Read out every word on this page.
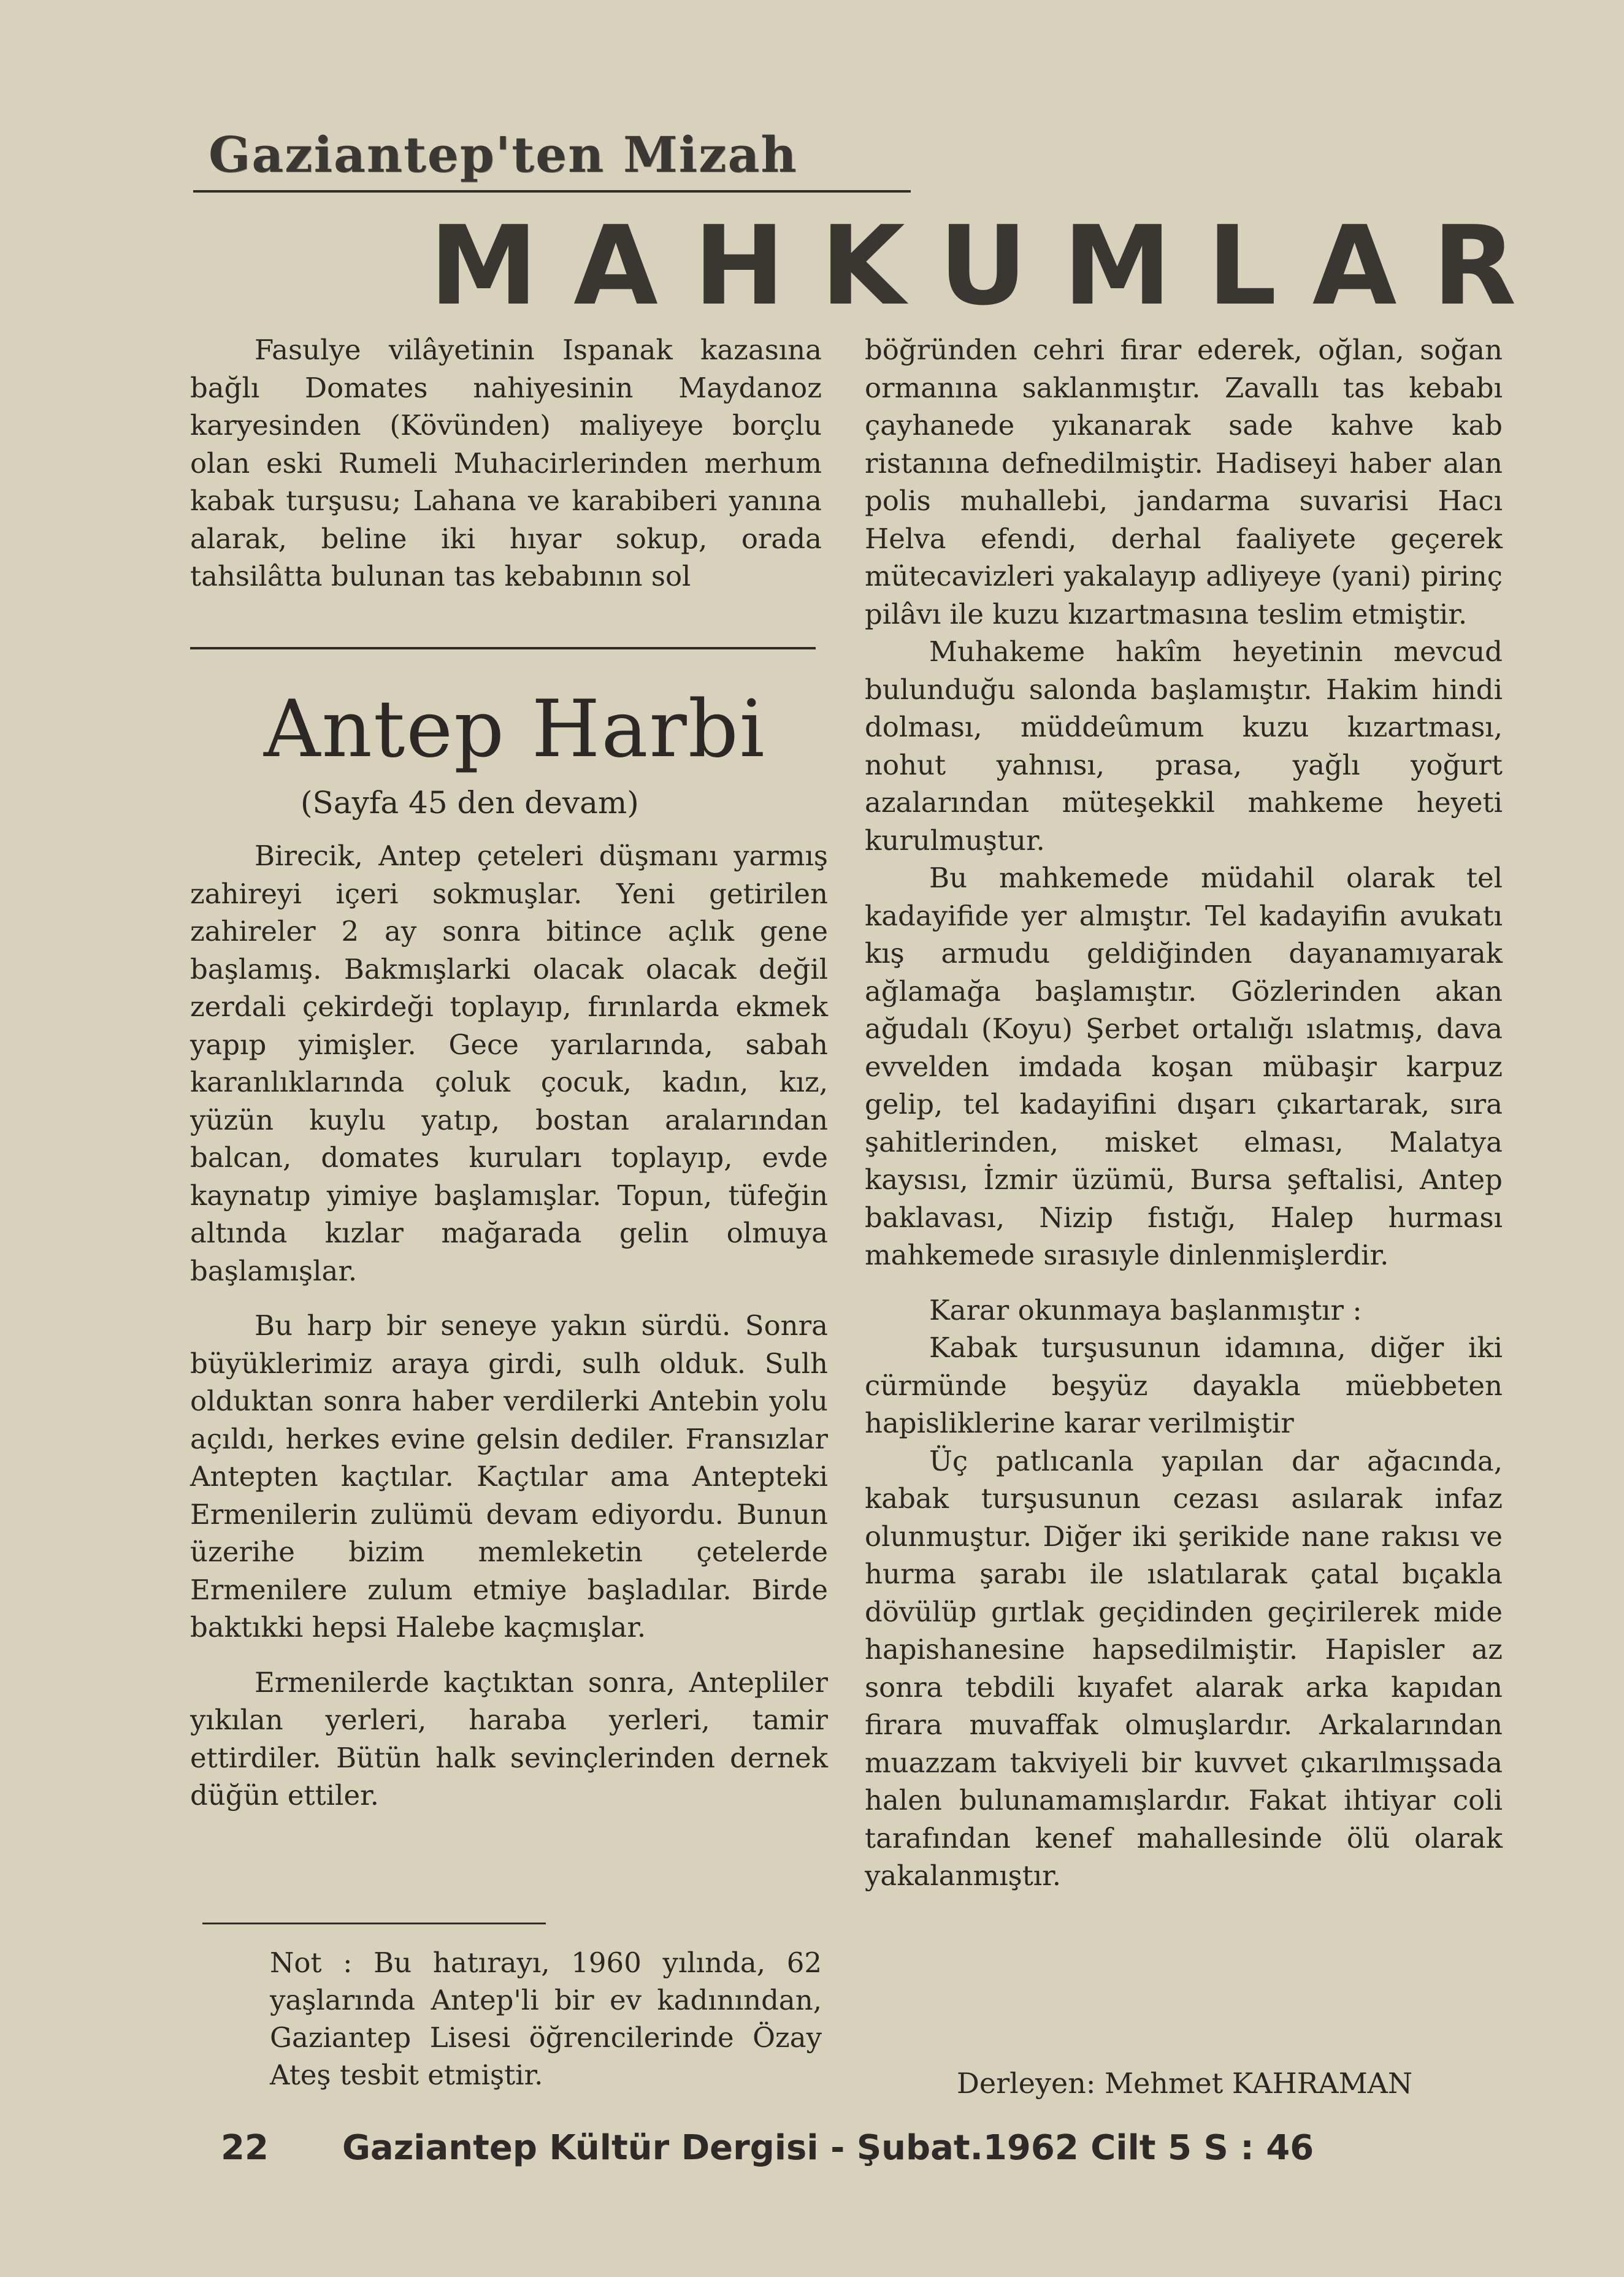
Gaziantep'ten Mizah
MAHKUMLAR

Fasulye vilâyetinin Ispanak kazasına bağlı Domates nahiyesinin Maydanoz karyesinden (Kövünden) maliyeye borçlu olan eski Rumeli Muhacirlerinden merhum kabak turşusu; Lahana ve karabiberi yanına alarak, beline iki hıyar sokup, orada tahsilâtta bulunan tas kebabının sol

Antep Harbi
(Sayfa 45 den devam)

Birecik, Antep çeteleri düşmanı yarmış zahireyi içeri sokmuşlar. Yeni getirilen zahireler 2 ay sonra bitince açlık gene başlamış. Bakmışlarki olacak olacak değil zerdali çekirdeği toplayıp, fırınlarda ekmek yapıp yimişler. Gece yarılarında, sabah karanlıklarında çoluk çocuk, kadın, kız, yüzün kuylu yatıp, bostan aralarından balcan, domates kuruları toplayıp, evde kaynatıp yimiye başlamışlar. Topun, tüfeğin altında kızlar mağarada gelin olmuya başlamışlar.

Bu harp bir seneye yakın sürdü. Sonra büyüklerimiz araya girdi, sulh olduk. Sulh olduktan sonra haber verdilerki Antebin yolu açıldı, herkes evine gelsin dediler. Fransızlar Antepten kaçtılar. Kaçtılar ama Antepteki Ermenilerin zulümü devam ediyordu. Bunun üzerihe bizim memleketin çetelerde Ermenilere zulum etmiye başladılar. Birde baktıkki hepsi Halebe kaçmışlar.

Ermenilerde kaçtıktan sonra, Antepliler yıkılan yerleri, haraba yerleri, tamir ettirdiler. Bütün halk sevinçlerinden dernek düğün ettiler.

Not : Bu hatırayı, 1960 yılında, 62 yaşlarında Antep'li bir ev kadınından, Gaziantep Lisesi öğrencilerinde Özay Ateş tesbit etmiştir.

böğründen cehri firar ederek, oğlan, soğan ormanına saklanmıştır. Zavallı tas kebabı çayhanede yıkanarak sade kahve kab ristanına defnedilmiştir. Hadiseyi haber alan polis muhallebi, jandarma suvarisi Hacı Helva efendi, derhal faaliyete geçerek mütecavizleri yakalayıp adliyeye (yani) pirinç pilâvı ile kuzu kızartmasına teslim etmiştir.

Muhakeme hakîm heyetinin mevcud bulunduğu salonda başlamıştır. Hakim hindi dolması, müddeûmum kuzu kızartması, nohut yahnısı, prasa, yağlı yoğurt azalarından müteşekkil mahkeme heyeti kurulmuştur.

Bu mahkemede müdahil olarak tel kadayifide yer almıştır. Tel kadayifin avukatı kış armudu geldiğinden dayanamıyarak ağlamağa başlamıştır. Gözlerinden akan ağudalı (Koyu) Şerbet ortalığı ıslatmış, dava evvelden imdada koşan mübaşir karpuz gelip, tel kadayifini dışarı çıkartarak, sıra şahitlerinden, misket elması, Malatya kaysısı, İzmir üzümü, Bursa şeftalisi, Antep baklavası, Nizip fıstığı, Halep hurması mahkemede sırasıyle dinlenmişlerdir.

Karar okunmaya başlanmıştır :

Kabak turşusunun idamına, diğer iki cürmünde beşyüz dayakla müebbeten hapisliklerine karar verilmiştir

Üç patlıcanla yapılan dar ağacında, kabak turşusunun cezası asılarak infaz olunmuştur. Diğer iki şerikide nane rakısı ve hurma şarabı ile ıslatılarak çatal bıçakla dövülüp gırtlak geçidinden geçirilerek mide hapishanesine hapsedilmiştir. Hapisler az sonra tebdili kıyafet alarak arka kapıdan firara muvaffak olmuşlardır. Arkalarından muazzam takviyeli bir kuvvet çıkarılmışsada halen bulunamamışlardır. Fakat ihtiyar coli tarafından kenef mahallesinde ölü olarak yakalanmıştır.

Derleyen: Mehmet KAHRAMAN
22 Gaziantep Kültür Dergisi - Şubat.1962 Cilt 5 S : 46
